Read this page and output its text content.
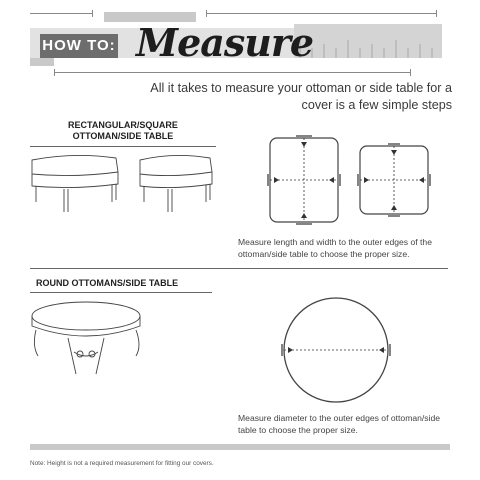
HOW TO: Measure
All it takes to measure your ottoman or side table for a
cover is a few simple steps
RECTANGULAR/SQUARE
OTTOMAN/SIDE TABLE
Measure length and width to the outer edges of the
ottoman/side table to choose the proper size.
ROUND OTTOMANS/SIDE TABLE
Measure diameter to the outer edges of ottoman/side
table to choose the proper size.
Note: Height is not a required measurement for fitting our covers.
